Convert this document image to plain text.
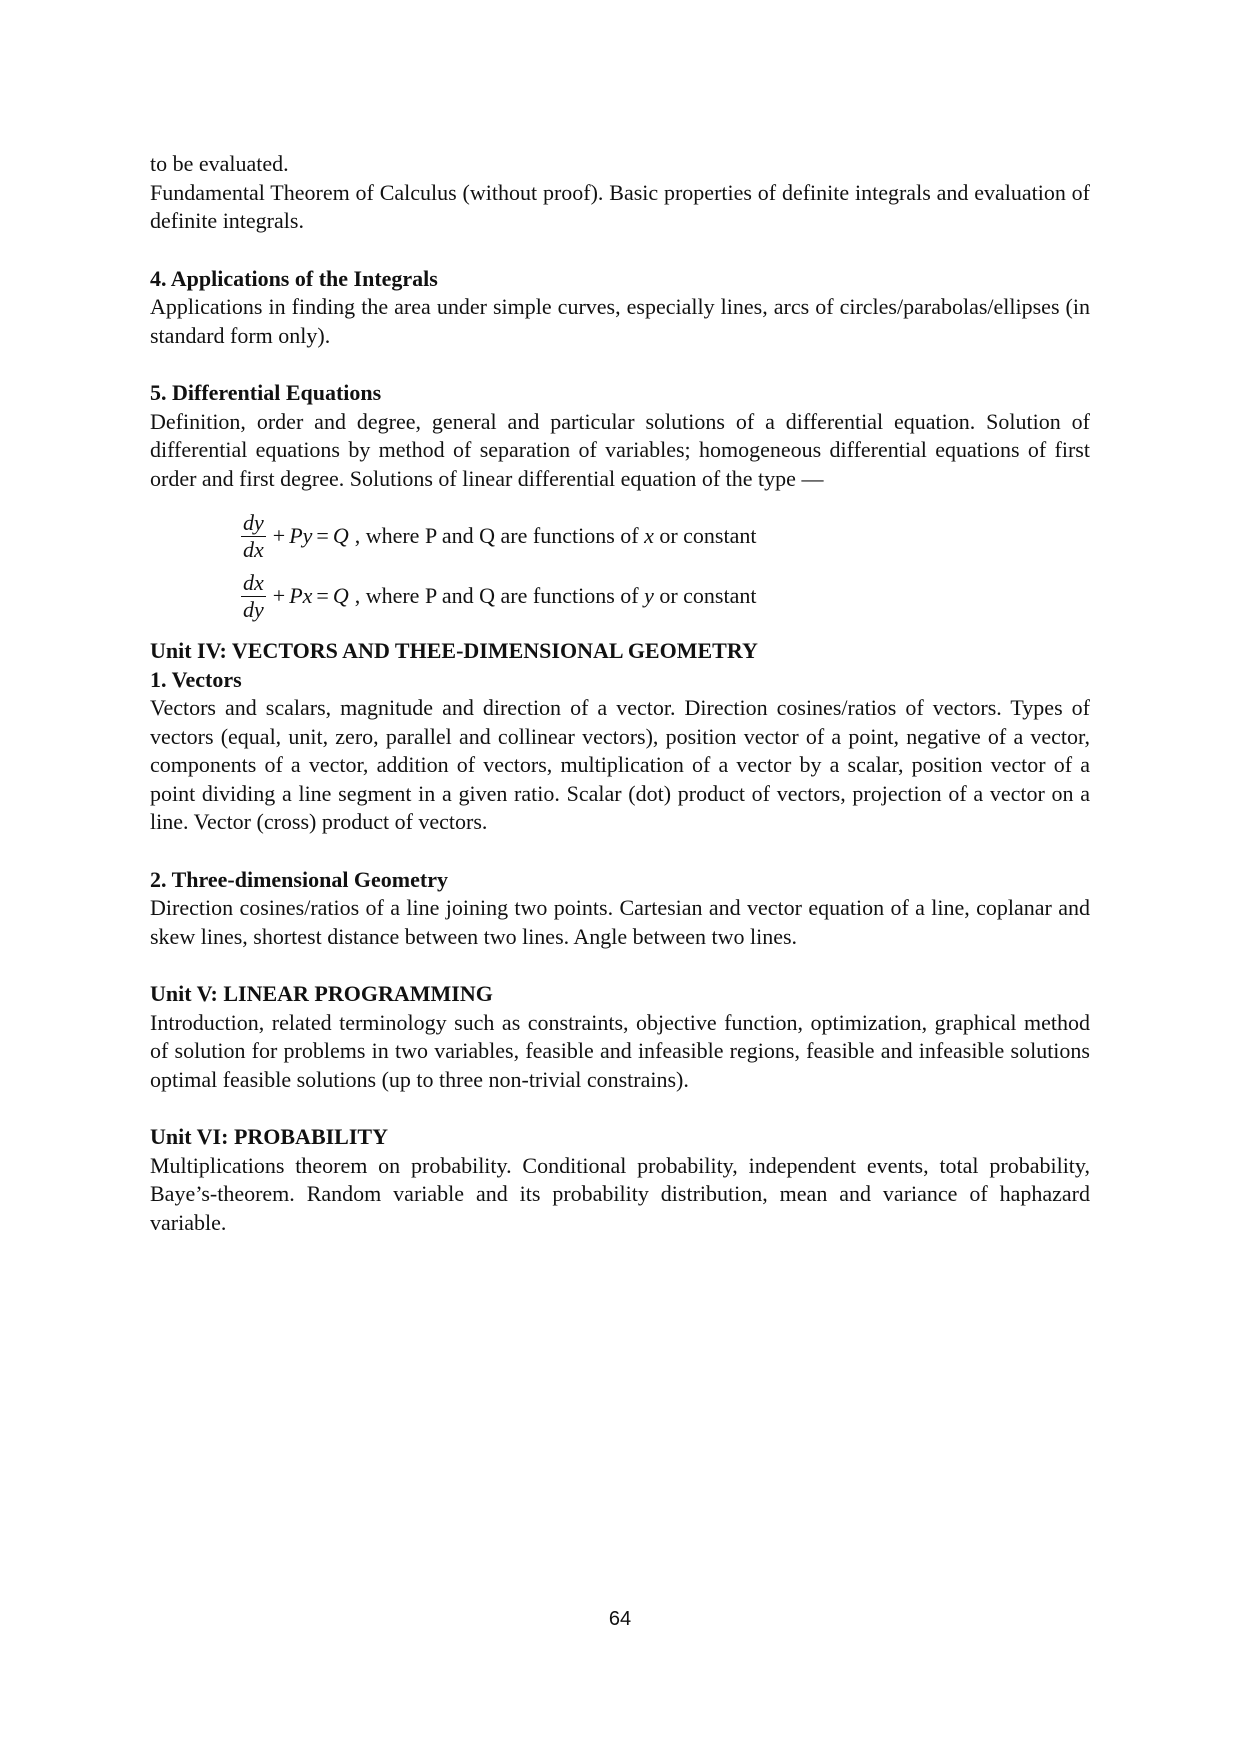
to be evaluated.

Fundamental Theorem of Calculus (without proof). Basic properties of definite integrals and evaluation of definite integrals.

4. Applications of the Integrals

Applications in finding the area under simple curves, especially lines, arcs of circles/parabolas/ellipses (in standard form only).

5. Differential Equations

Definition, order and degree, general and particular solutions of a differential equation. Solution of differential equations by method of separation of variables; homogeneous differential equations of first order and first degree. Solutions of linear differential equation of the type —

$\frac{dy}{dx} + Py = Q$ , where P and Q are functions of x or constant
$\frac{dx}{dy} + Px = Q$ , where P and Q are functions of y or constant

Unit IV: VECTORS AND THEE-DIMENSIONAL GEOMETRY

1. Vectors

Vectors and scalars, magnitude and direction of a vector. Direction cosines/ratios of vectors. Types of vectors (equal, unit, zero, parallel and collinear vectors), position vector of a point, negative of a vector, components of a vector, addition of vectors, multiplication of a vector by a scalar, position vector of a point dividing a line segment in a given ratio. Scalar (dot) product of vectors, projection of a vector on a line. Vector (cross) product of vectors.

2. Three-dimensional Geometry

Direction cosines/ratios of a line joining two points. Cartesian and vector equation of a line, coplanar and skew lines, shortest distance between two lines. Angle between two lines.

Unit V: LINEAR PROGRAMMING

Introduction, related terminology such as constraints, objective function, optimization, graphical method of solution for problems in two variables, feasible and infeasible regions, feasible and infeasible solutions optimal feasible solutions (up to three non-trivial constrains).

Unit VI: PROBABILITY

Multiplications theorem on probability. Conditional probability, independent events, total probability, Baye’s-theorem. Random variable and its probability distribution, mean and variance of haphazard variable.

64
